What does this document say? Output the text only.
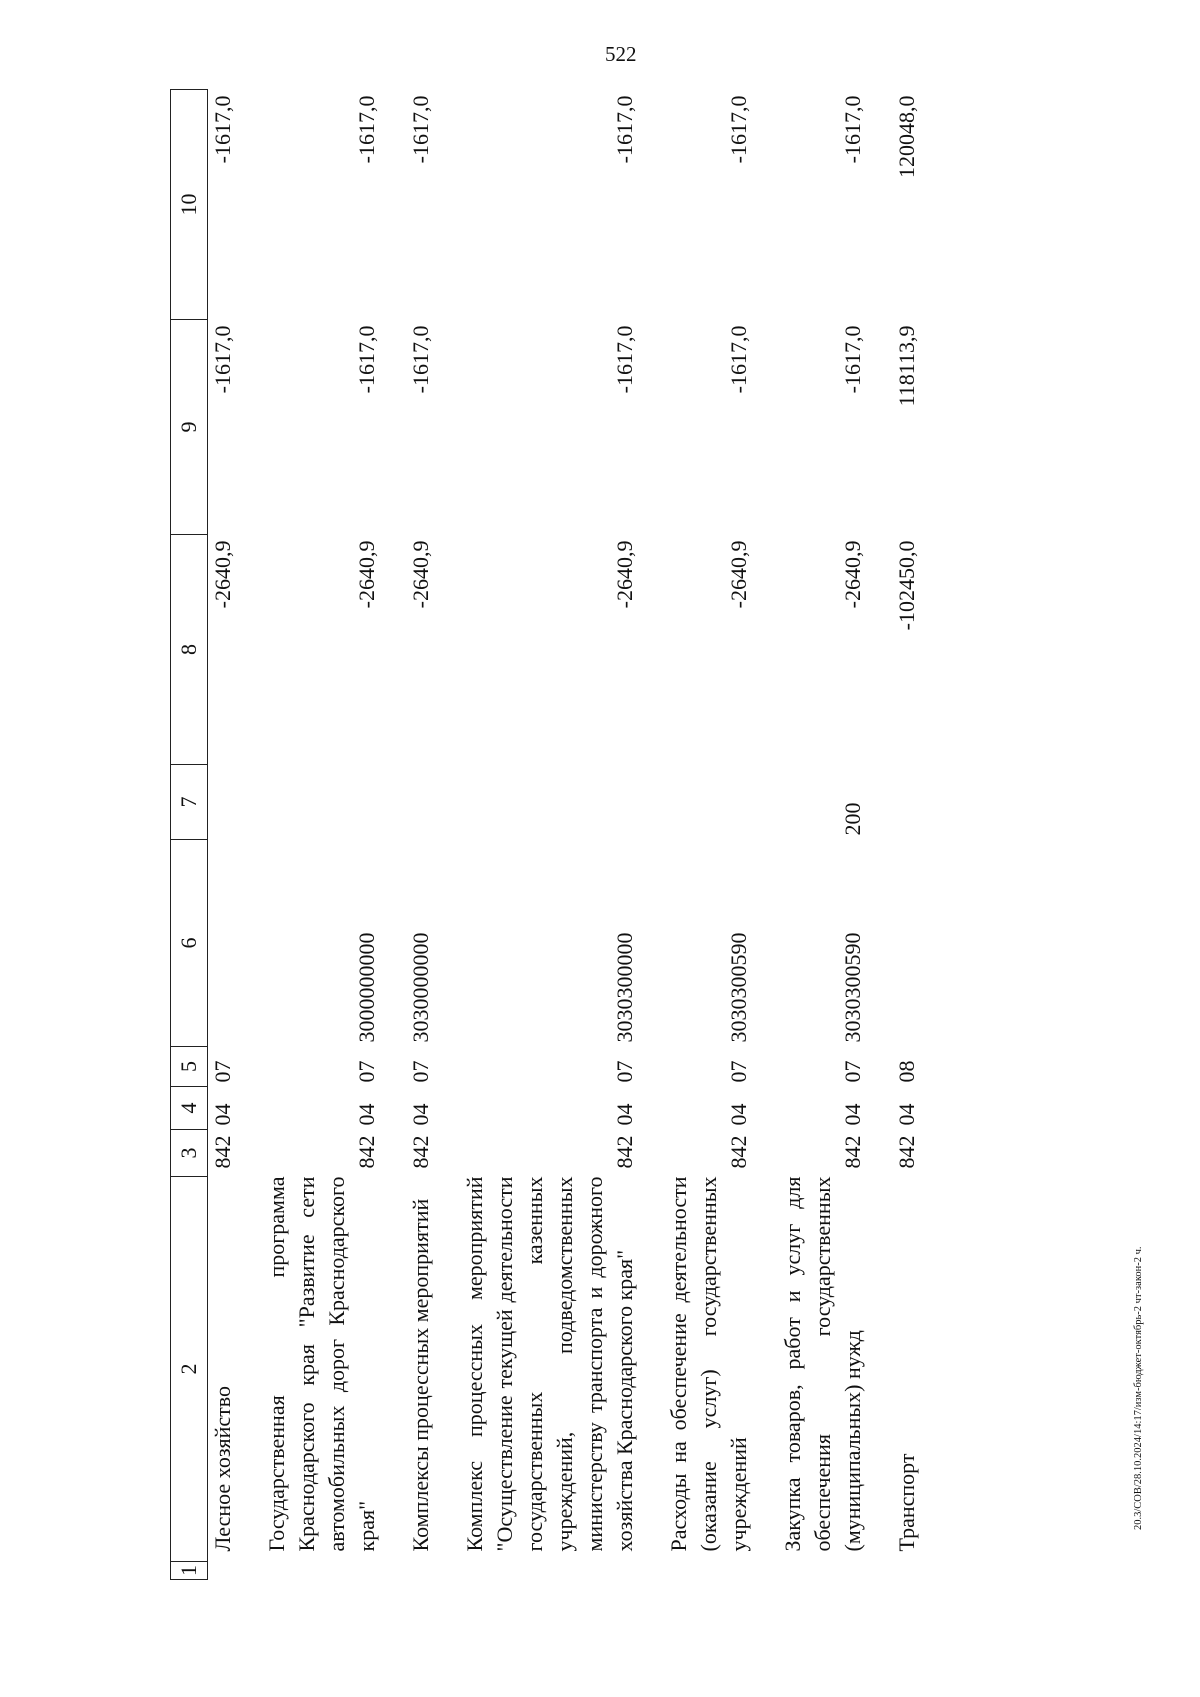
522
20.3/СОВ/28.10.2024/14:17/изм-бюджет-октябрь-2 чт-закон-2 ч.
1	2	3	4	5	6	7	8	9	10
	Лесное хозяйство	842	04	07			-2640,9	-1617,0	-1617,0

	Государственная программа Краснодарского края "Развитие сети автомобильных дорог Краснодарского края"	842	04	07	3000000000		-2640,9	-1617,0	-1617,0

	Комплексы процессных мероприятий	842	04	07	3030000000		-2640,9	-1617,0	-1617,0

	Комплекс процессных мероприятий "Осуществление текущей деятельности государственных казенных учреждений, подведомственных министерству транспорта и дорожного хозяйства Краснодарского края"	842	04	07	3030300000		-2640,9	-1617,0	-1617,0

	Расходы на обеспечение деятельности (оказание услуг) государственных учреждений	842	04	07	3030300590		-2640,9	-1617,0	-1617,0

	Закупка товаров, работ и услуг для обеспечения государственных (муниципальных) нужд	842	04	07	3030300590	200	-2640,9	-1617,0	-1617,0

	Транспорт	842	04	08			-102450,0	118113,9	120048,0
